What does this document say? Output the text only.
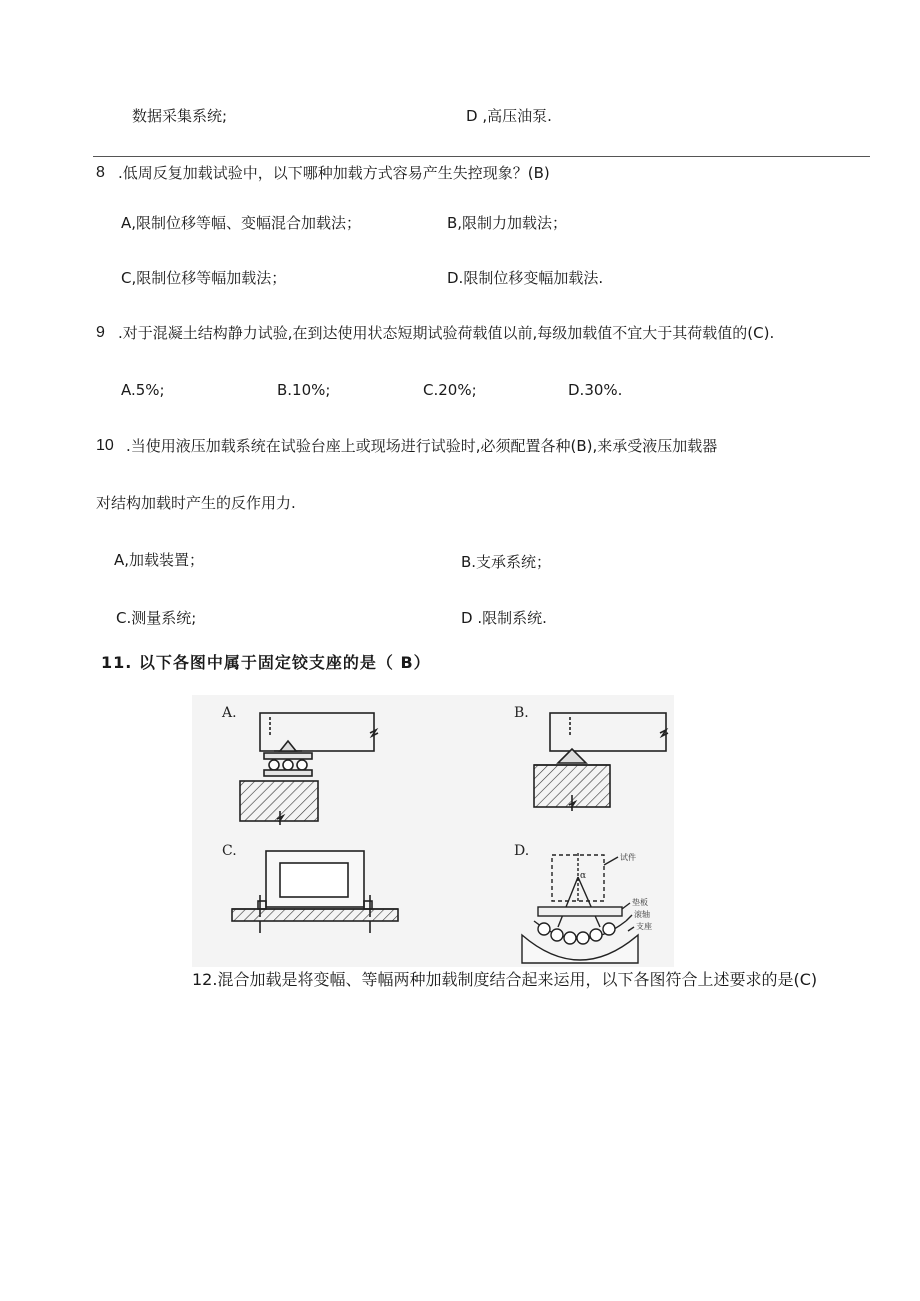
数据采集系统;	D ,高压油泵.
8 .低周反复加载试验中，以下哪种加载方式容易产生失控现象？(B)
A,限制位移等幅、变幅混合加载法；	B,限制力加载法；
C,限制位移等幅加载法；	D.限制位移变幅加载法.
9 .对于混凝土结构静力试验,在到达使用状态短期试验荷载值以前,每级加载值不宜大于其荷载值的(C).
A.5%;	B.10%;	C.20%;	D.30%.
10 .当使用液压加载系统在试验台座上或现场进行试验时,必须配置各种(B),来承受液压加载器
对结构加载时产生的反作用力.
A,加载装置；	B.支承系统；
C.测量系统;	D .限制系统.
11. 以下各图中属于固定铰支座的是（ B）
A.	B.
C.	D.
α
试件
垫板
滚轴
支座
12.混合加载是将变幅、等幅两种加载制度结合起来运用，以下各图符合上述要求的是(C)
